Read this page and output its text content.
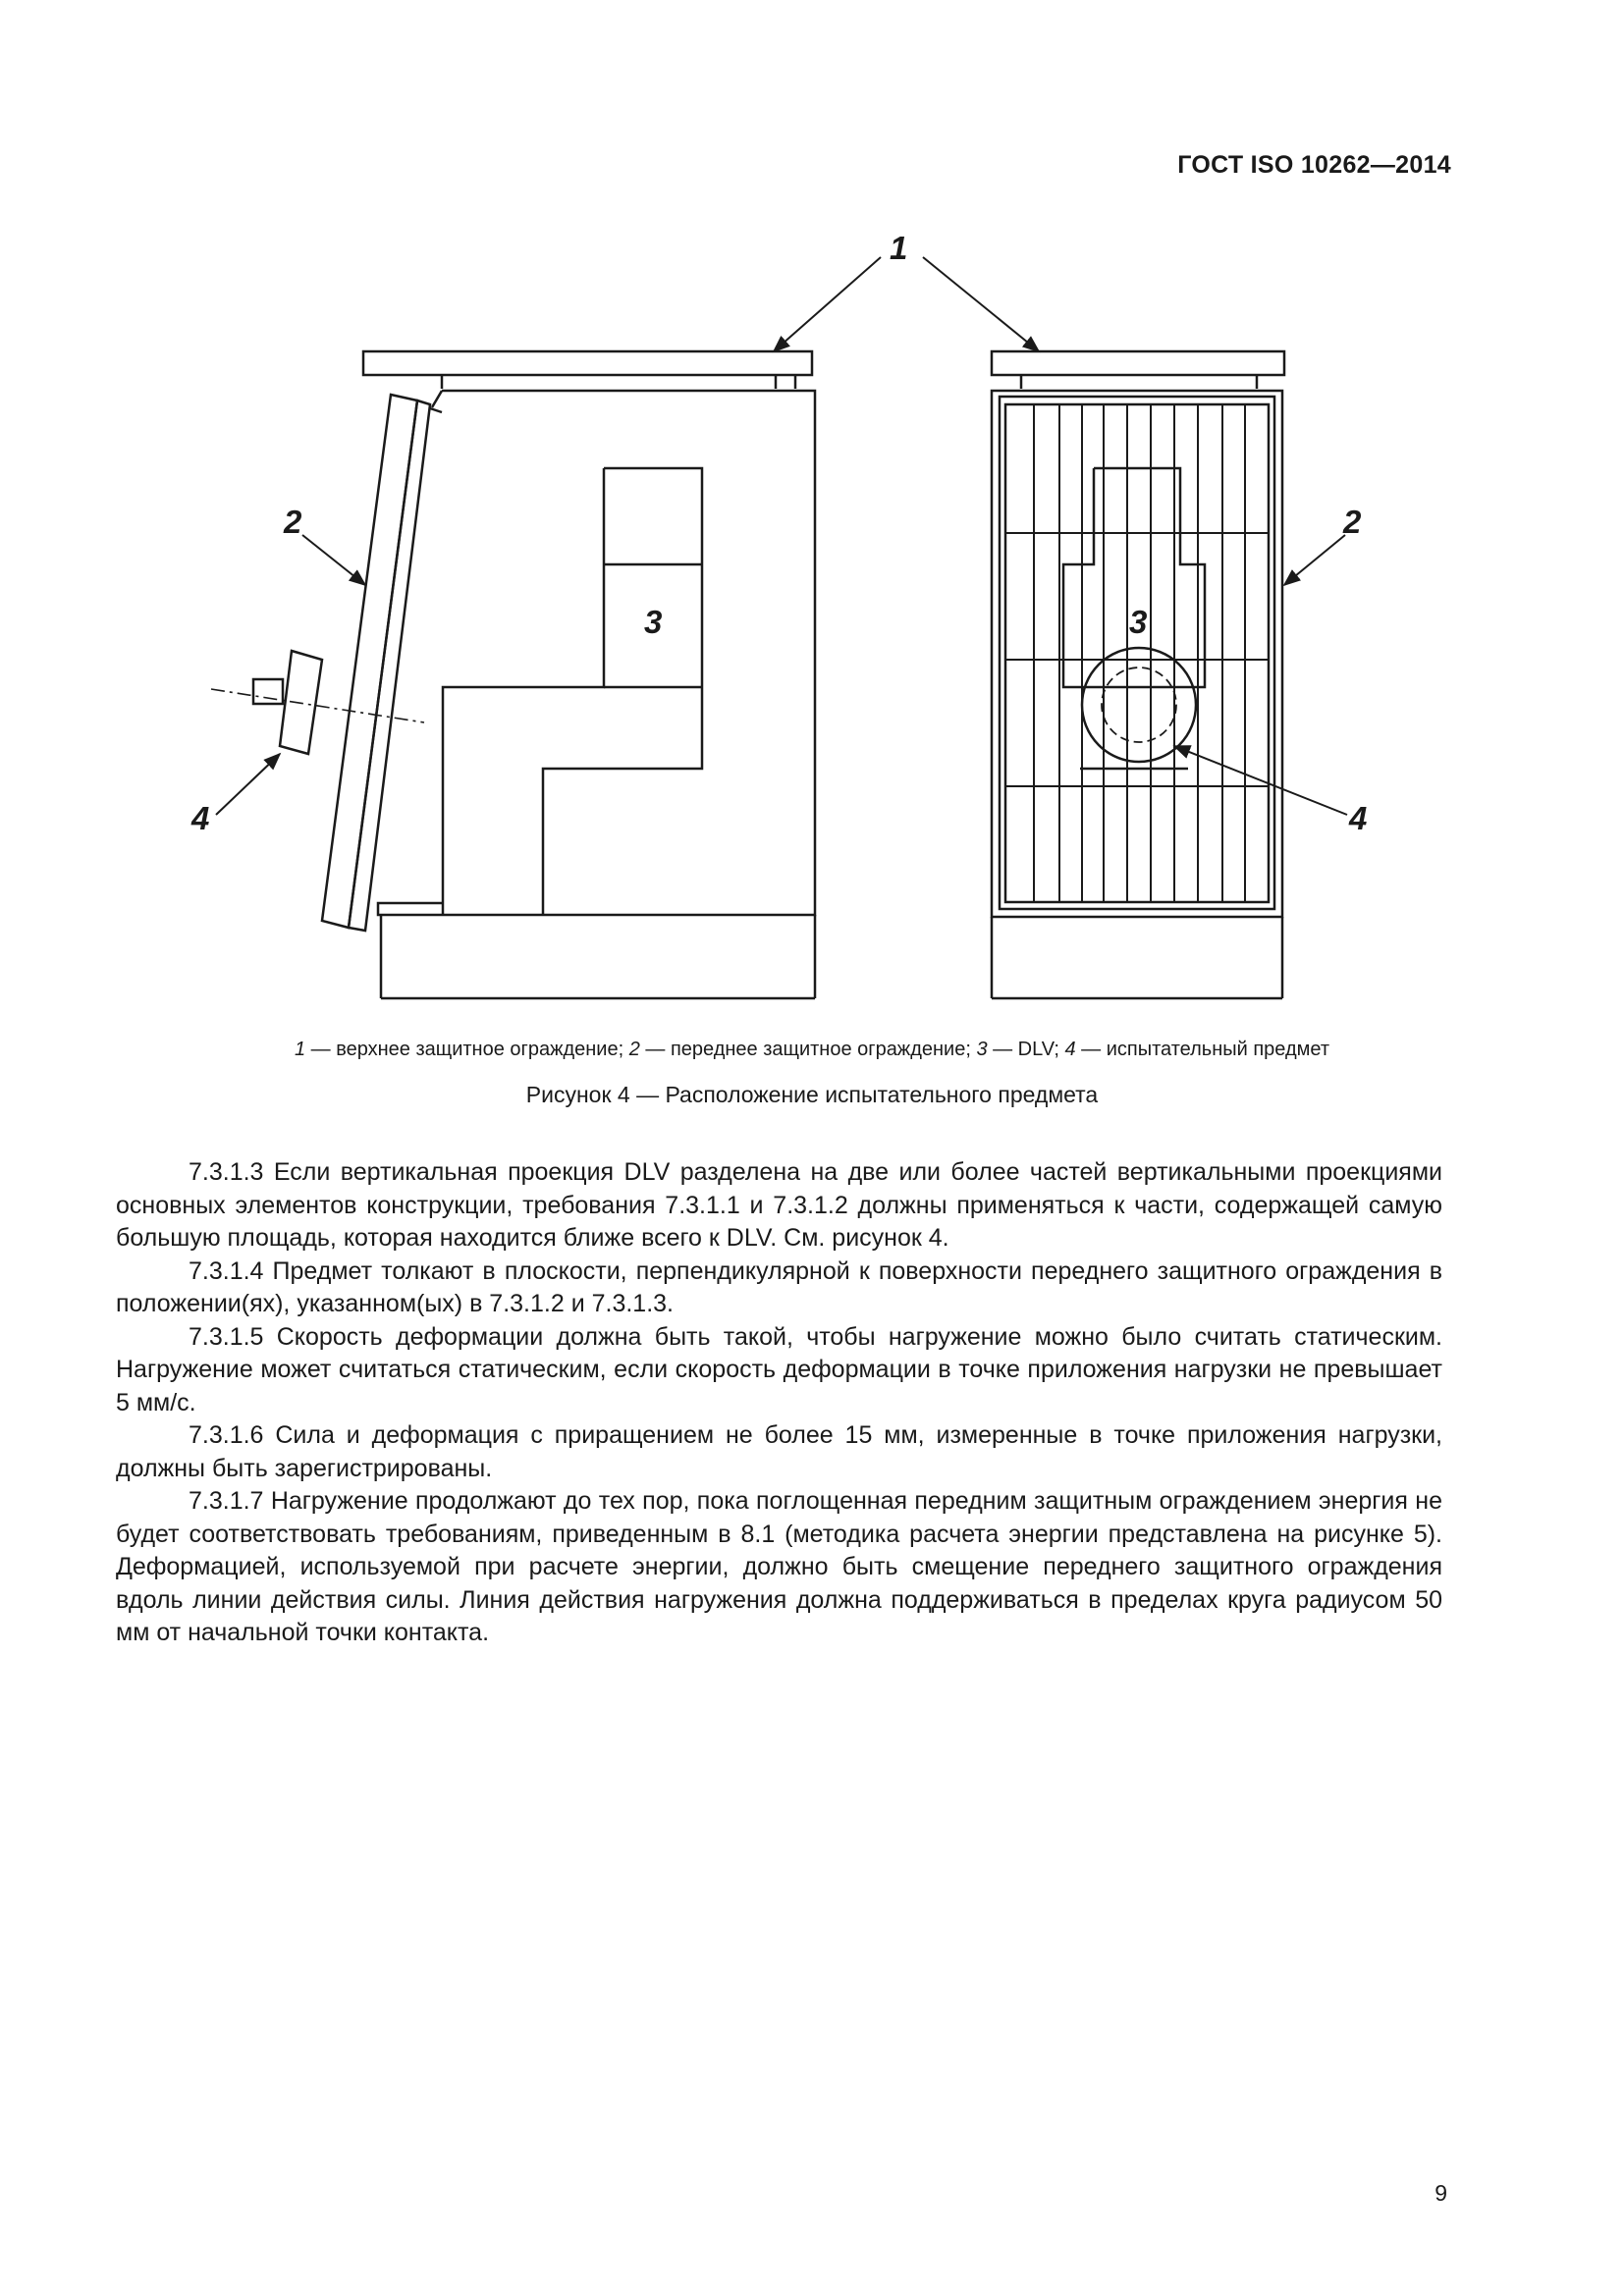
ГОСТ ISO 10262—2014
1
2	2
3	3
4	4
1 — верхнее защитное ограждение; 2 — переднее защитное ограждение; 3 — DLV; 4 — испытательный предмет
Рисунок 4 — Расположение испытательного предмета

7.3.1.3 Если вертикальная проекция DLV разделена на две или более частей вертикальными проекциями основных элементов конструкции, требования 7.3.1.1 и 7.3.1.2 должны применяться к части, содержащей самую большую площадь, которая находится ближе всего к DLV. См. рисунок 4.

7.3.1.4 Предмет толкают в плоскости, перпендикулярной к поверхности переднего защитного ограждения в положении(ях), указанном(ых) в 7.3.1.2 и 7.3.1.3.

7.3.1.5 Скорость деформации должна быть такой, чтобы нагружение можно было считать статическим. Нагружение может считаться статическим, если скорость деформации в точке приложения нагрузки не превышает 5 мм/с.

7.3.1.6 Сила и деформация с приращением не более 15 мм, измеренные в точке приложения нагрузки, должны быть зарегистрированы.

7.3.1.7 Нагружение продолжают до тех пор, пока поглощенная передним защитным ограждением энергия не будет соответствовать требованиям, приведенным в 8.1 (методика расчета энергии представлена на рисунке 5). Деформацией, используемой при расчете энергии, должно быть смещение переднего защитного ограждения вдоль линии действия силы. Линия действия нагружения должна поддерживаться в пределах круга радиусом 50 мм от начальной точки контакта.

9
